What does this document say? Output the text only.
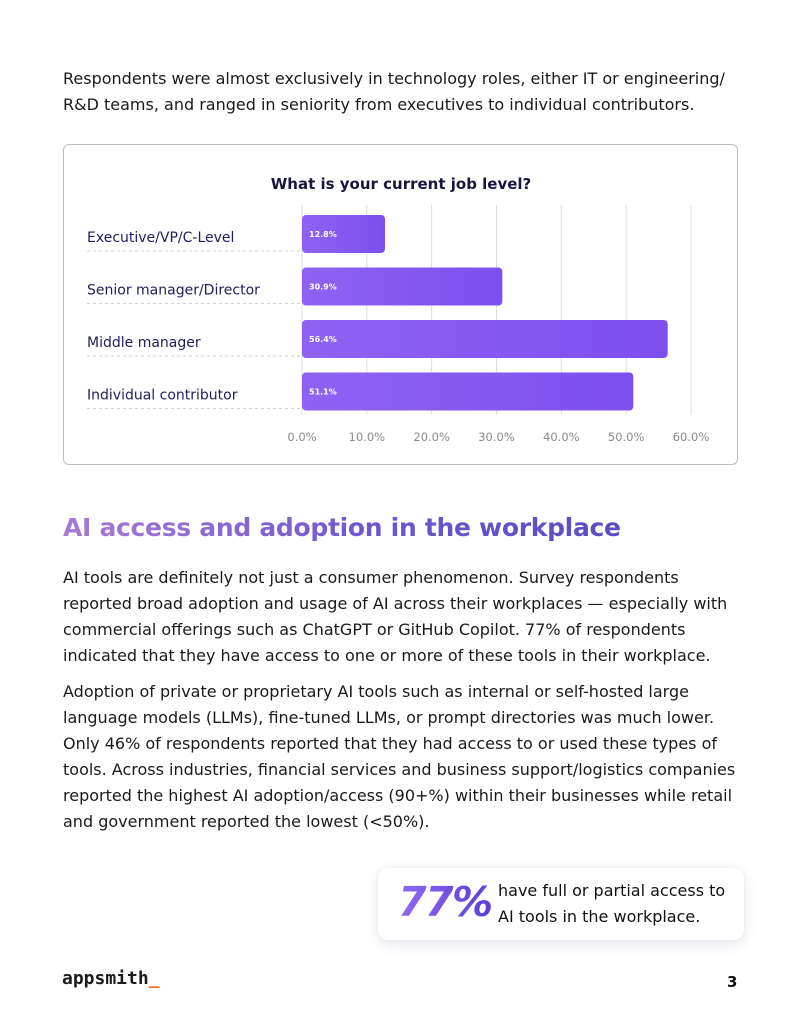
Respondents were almost exclusively in technology roles, either IT or engineering/ R&D teams, and ranged in seniority from executives to individual contributors.
What is your current job level?
0.0%	10.0% 20.0% 30.0% 40.0% 50.0% 60.0%
Executive/VP/C-Level	12.8%
Senior manager/Director	30.9%
Middle manager	56.4%
Individual contributor	51.1%
AI access and adoption in the workplace
AI tools are definitely not just a consumer phenomenon. Survey respondents reported broad adoption and usage of AI across their workplaces — especially with commercial offerings such as ChatGPT or GitHub Copilot. 77% of respondents indicated that they have access to one or more of these tools in their workplace.
Adoption of private or proprietary AI tools such as internal or self-hosted large language models (LLMs), fine-tuned LLMs, or prompt directories was much lower. Only 46% of respondents reported that they had access to or used these types of tools. Across industries, financial services and business support/logistics companies reported the highest AI adoption/access (90+%) within their businesses while retail and government reported the lowest (<50%).
77% have full or partial access to AI tools in the workplace.
appsmith_	3
